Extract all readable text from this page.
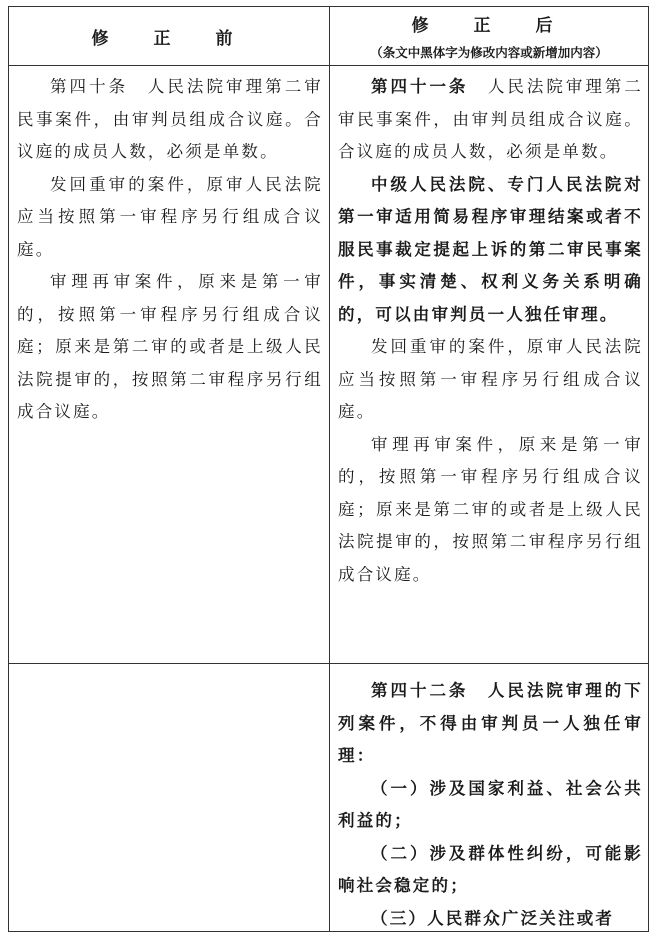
修　正　前
修　正　后
（条文中黑体字为修改内容或新增加内容）

第四十条　人民法院审理第二审民事案件，由审判员组成合议庭。合议庭的成员人数，必须是单数。

发回重审的案件，原审人民法院应当按照第一审程序另行组成合议庭。

审理再审案件，原来是第一审的，按照第一审程序另行组成合议庭；原来是第二审的或者是上级人民法院提审的，按照第二审程序另行组成合议庭。

第四十一条　人民法院审理第二审民事案件，由审判员组成合议庭。合议庭的成员人数，必须是单数。

中级人民法院、专门人民法院对第一审适用简易程序审理结案或者不服民事裁定提起上诉的第二审民事案件，事实清楚、权利义务关系明确的，可以由审判员一人独任审理。

发回重审的案件，原审人民法院应当按照第一审程序另行组成合议庭。

审理再审案件，原来是第一审的，按照第一审程序另行组成合议庭；原来是第二审的或者是上级人民法院提审的，按照第二审程序另行组成合议庭。

第四十二条　人民法院审理的下列案件，不得由审判员一人独任审理：

（一）涉及国家利益、社会公共利益的；

（二）涉及群体性纠纷，可能影响社会稳定的；

（三）人民群众广泛关注或者
